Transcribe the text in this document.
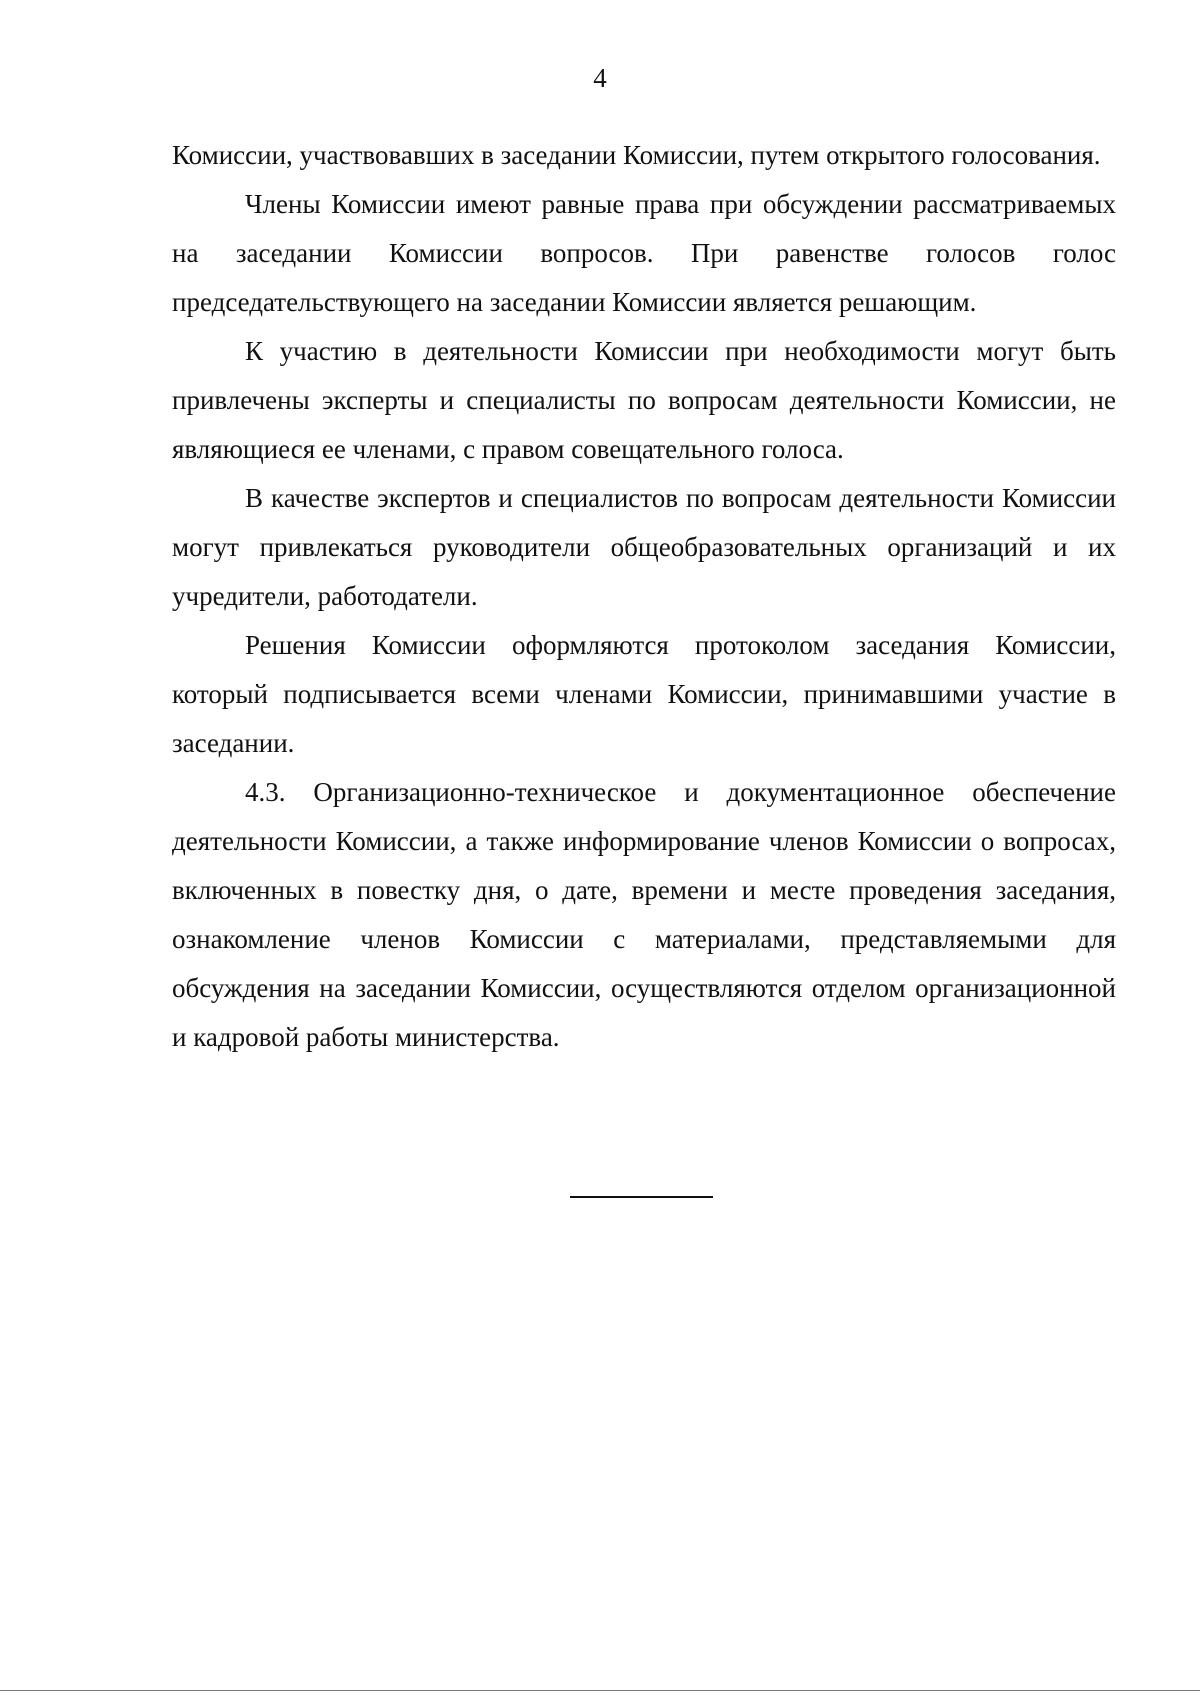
4

Комиссии, участвовавших в заседании Комиссии, путем открытого голосования.

Члены Комиссии имеют равные права при обсуждении рассматриваемых на заседании Комиссии вопросов. При равенстве голосов голос председательствующего на заседании Комиссии является решающим.

К участию в деятельности Комиссии при необходимости могут быть привлечены эксперты и специалисты по вопросам деятельности Комиссии, не являющиеся ее членами, с правом совещательного голоса.

В качестве экспертов и специалистов по вопросам деятельности Комиссии могут привлекаться руководители общеобразовательных организаций и их учредители, работодатели.

Решения Комиссии оформляются протоколом заседания Комиссии, который подписывается всеми членами Комиссии, принимавшими участие в заседании.

4.3. Организационно-техническое и документационное обеспечение деятельности Комиссии, а также информирование членов Комиссии о вопросах, включенных в повестку дня, о дате, времени и месте проведения заседания, ознакомление членов Комиссии с материалами, представляемыми для обсуждения на заседании Комиссии, осуществляются отделом организационной и кадровой работы министерства.
